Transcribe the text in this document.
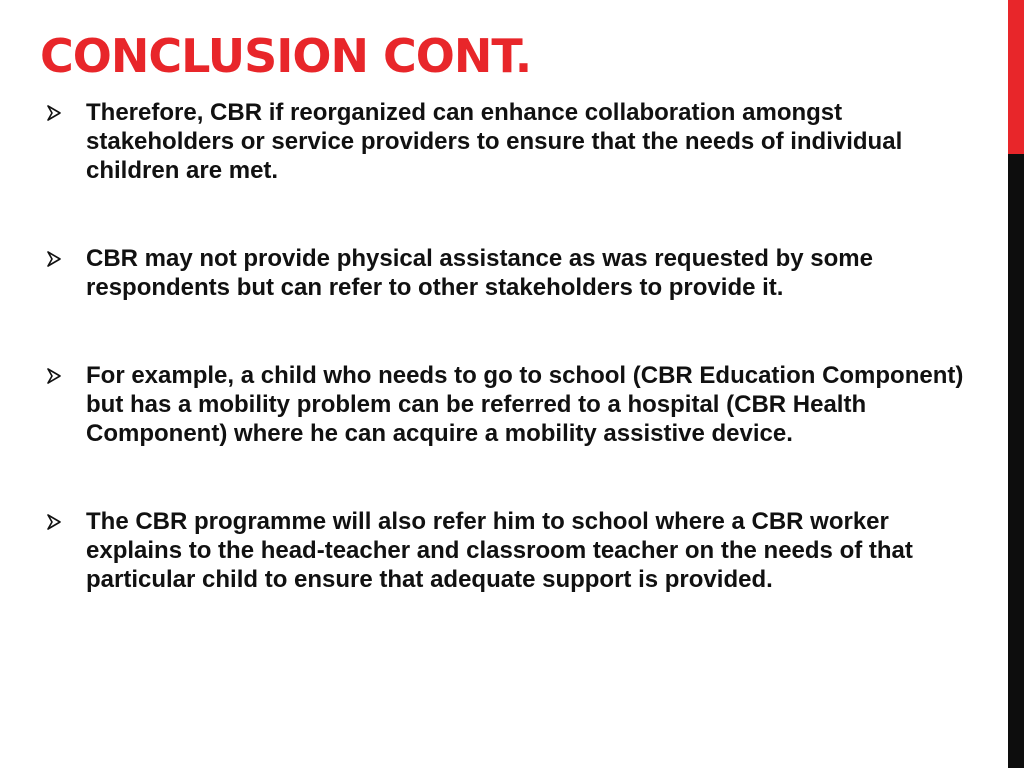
CONCLUSION CONT.
Therefore, CBR if reorganized can enhance collaboration amongst stakeholders or service providers to ensure that the needs of individual children are met.
CBR may not provide physical assistance as was requested by some respondents but can refer to other stakeholders to provide it.
For example, a child who needs to go to school (CBR Education Component) but has a mobility problem can be referred to a hospital (CBR Health Component) where he can acquire a mobility assistive device.
The CBR programme will also refer him to school where a CBR worker explains to the head-teacher and classroom teacher on the needs of that particular child to ensure that adequate support is provided.
